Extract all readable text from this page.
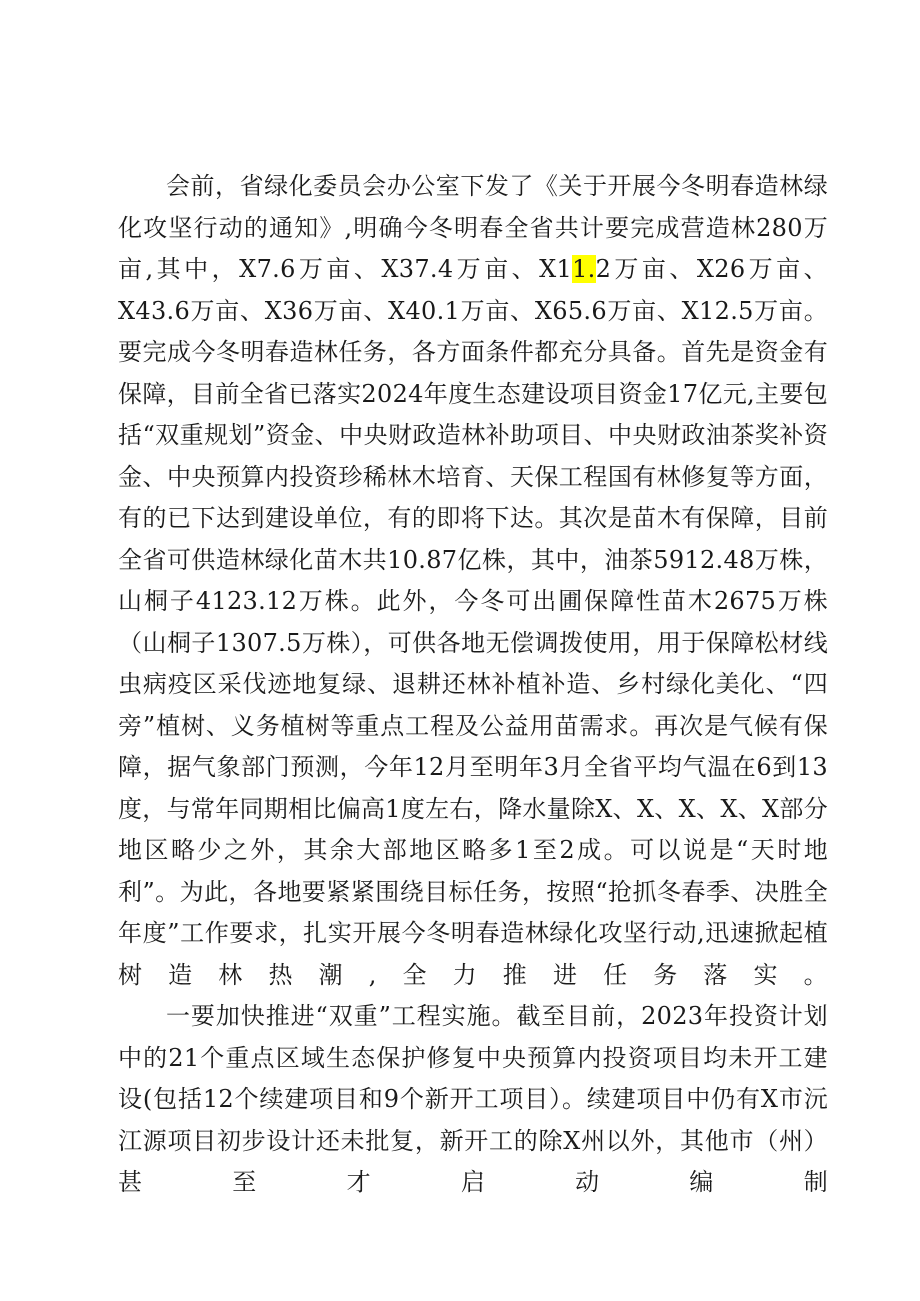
会前，省绿化委员会办公室下发了《关于开展今冬明春造林绿化攻坚行动的通知》,明确今冬明春全省共计要完成营造林280万亩,其中，X7.6万亩、X37.4万亩、X11.2万亩、X26万亩、X43.6万亩、X36万亩、X40.1万亩、X65.6万亩、X12.5万亩。要完成今冬明春造林任务，各方面条件都充分具备。首先是资金有保障，目前全省已落实2024年度生态建设项目资金17亿元,主要包括“双重规划”资金、中央财政造林补助项目、中央财政油茶奖补资金、中央预算内投资珍稀林木培育、天保工程国有林修复等方面，有的已下达到建设单位，有的即将下达。其次是苗木有保障，目前全省可供造林绿化苗木共10.87亿株，其中，油茶5912.48万株，山桐子4123.12万株。此外，今冬可出圃保障性苗木2675万株（山桐子1307.5万株），可供各地无偿调拨使用，用于保障松材线虫病疫区采伐迹地复绿、退耕还林补植补造、乡村绿化美化、“四旁”植树、义务植树等重点工程及公益用苗需求。再次是气候有保障，据气象部门预测，今年12月至明年3月全省平均气温在6到13度，与常年同期相比偏高1度左右，降水量除X、X、X、X、X部分地区略少之外，其余大部地区略多1至2成。可以说是“天时地利”。为此，各地要紧紧围绕目标任务，按照“抢抓冬春季、决胜全年度”工作要求，扎实开展今冬明春造林绿化攻坚行动,迅速掀起植树造林热潮,全力推进任务落实。

一要加快推进“双重”工程实施。截至目前，2023年投资计划中的21个重点区域生态保护修复中央预算内投资项目均未开工建设(包括12个续建项目和9个新开工项目）。续建项目中仍有X市沅江源项目初步设计还未批复，新开工的除X州以外，其他市（州）甚至才启动编制
